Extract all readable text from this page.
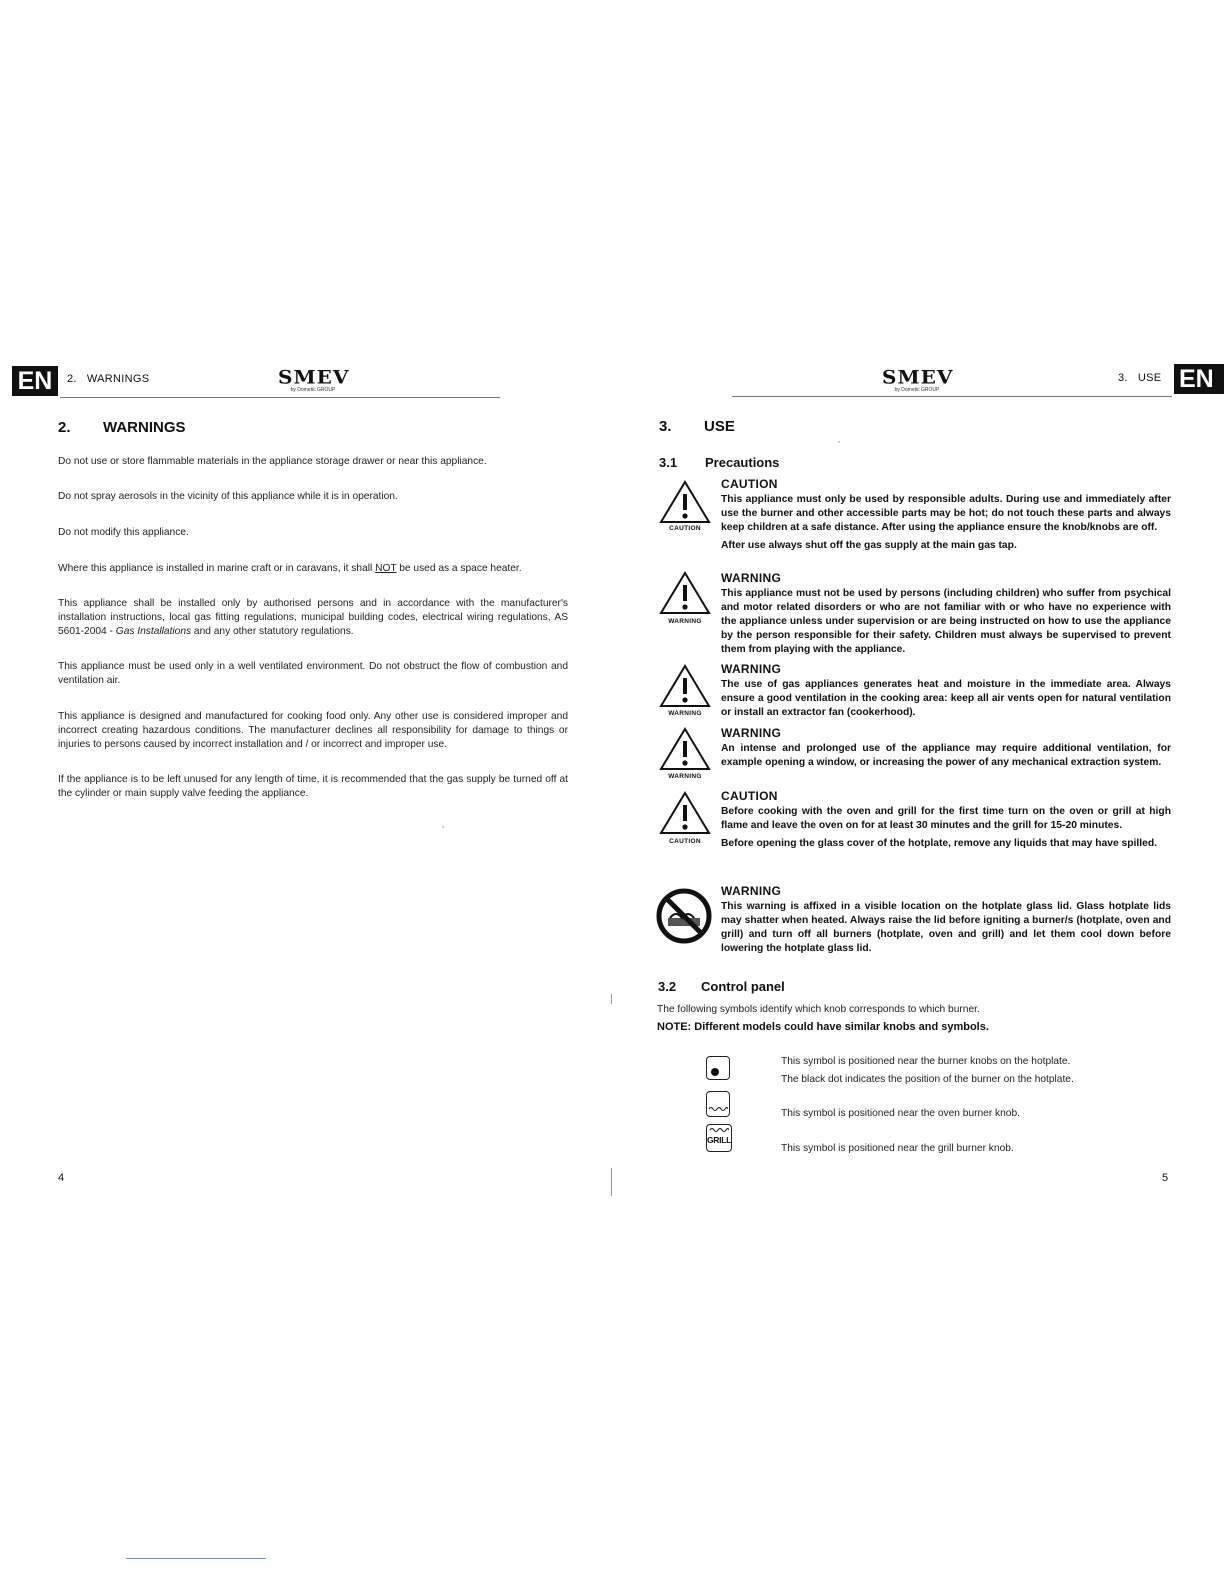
EN	2.   WARNINGS	SMEV
by Dometic GROUP
2. WARNINGS
Do not use or store flammable materials in the appliance storage drawer or near this appliance.
Do not spray aerosols in the vicinity of this appliance while it is in operation.
Do not modify this appliance.
Where this appliance is installed in marine craft or in caravans, it shall NOT be used as a space heater.
This appliance shall be installed only by authorised persons and in accordance with the manufacturer's installation instructions, local gas fitting regulations, municipal building codes, electrical wiring regulations, AS 5601-2004 - Gas Installations and any other statutory regulations.
This appliance must be used only in a well ventilated environment. Do not obstruct the flow of combustion and ventilation air.
This appliance is designed and manufactured for cooking food only. Any other use is considered improper and incorrect creating hazardous conditions. The manufacturer declines all responsibility for damage to things or injuries to persons caused by incorrect installation and / or incorrect and improper use.
If the appliance is to be left unused for any length of time, it is recommended that the gas supply be turned off at the cylinder or main supply valve feeding the appliance.
4
SMEV
by Dometic GROUP
3.   USE EN
3. USE
3.1 Precautions
CAUTION
WARNING
WARNING
WARNING
CAUTION
CAUTION
This appliance must only be used by responsible adults. During use and immediately after use the burner and other accessible parts may be hot; do not touch these parts and always keep children at a safe distance. After using the appliance ensure the knob/knobs are off.
After use always shut off the gas supply at the main gas tap.
WARNING
This appliance must not be used by persons (including children) who suffer from psychical and motor related disorders or who are not familiar with or who have no experience with the appliance unless under supervision or are being instructed on how to use the appliance by the person responsible for their safety. Children must always be supervised to prevent them from playing with the appliance.
WARNING
The use of gas appliances generates heat and moisture in the immediate area. Always ensure a good ventilation in the cooking area: keep all air vents open for natural ventilation or install an extractor fan (cookerhood).
WARNING
An intense and prolonged use of the appliance may require additional ventilation, for example opening a window, or increasing the power of any mechanical extraction system.
CAUTION
Before cooking with the oven and grill for the first time turn on the oven or grill at high flame and leave the oven on for at least 30 minutes and the grill for 15-20 minutes.
Before opening the glass cover of the hotplate, remove any liquids that may have spilled.
WARNING
This warning is affixed in a visible location on the hotplate glass lid. Glass hotplate lids may shatter when heated. Always raise the lid before igniting a burner/s (hotplate, oven and grill) and turn off all burners (hotplate, oven and grill) and let them cool down before lowering the hotplate glass lid.
3.2 Control panel
The following symbols identify which knob corresponds to which burner.
NOTE: Different models could have similar knobs and symbols.
GRILL
This symbol is positioned near the burner knobs on the hotplate.
The black dot indicates the position of the burner on the hotplate.
This symbol is positioned near the oven burner knob.
This symbol is positioned near the grill burner knob.
5
